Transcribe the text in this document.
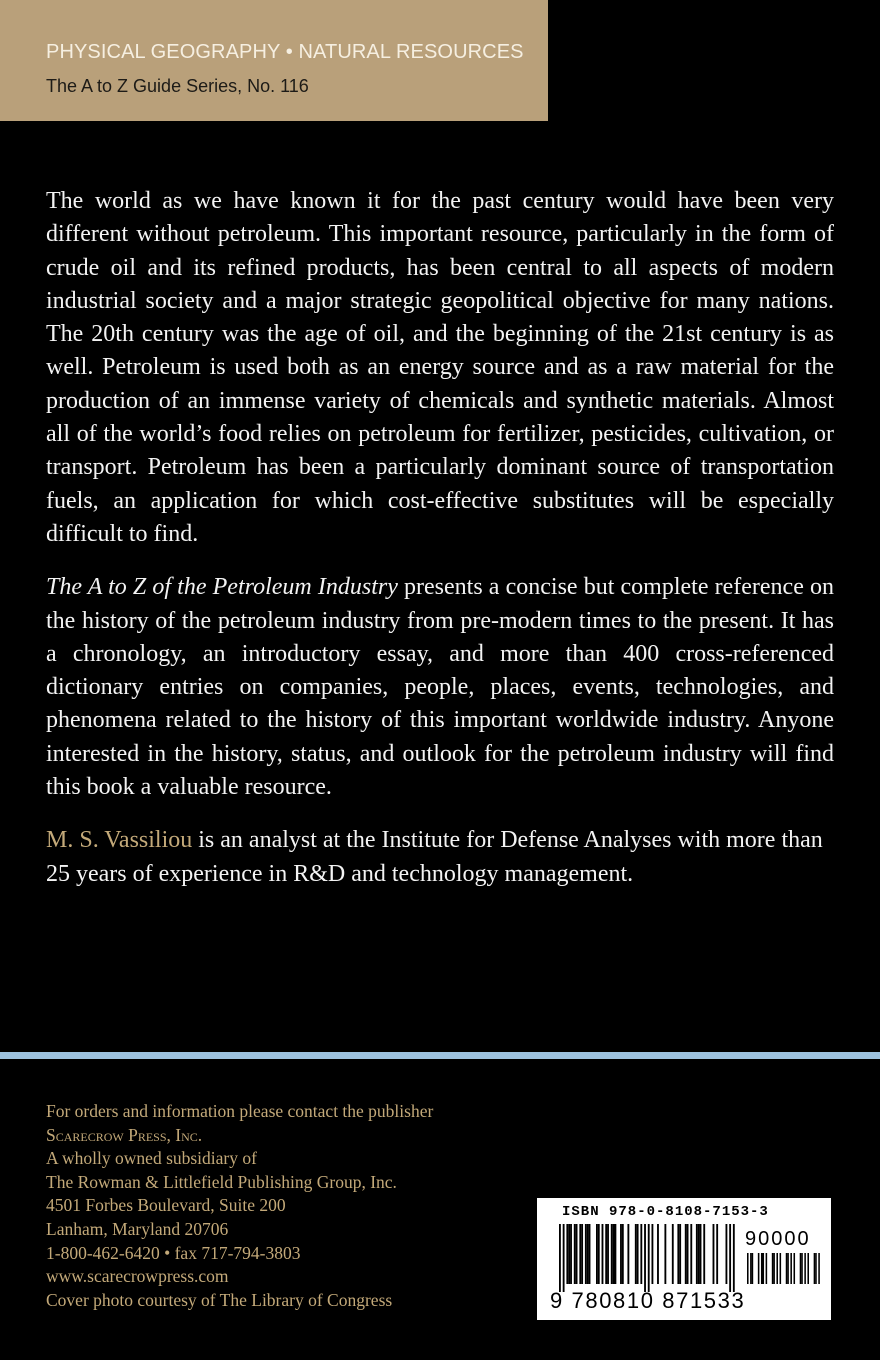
PHYSICAL GEOGRAPHY • NATURAL RESOURCES
The A to Z Guide Series, No. 116

The world as we have known it for the past century would have been very different without petroleum. This important resource, particularly in the form of crude oil and its refined products, has been central to all aspects of modern industrial society and a major strategic geopolitical objective for many nations. The 20th century was the age of oil, and the beginning of the 21st century is as well. Petroleum is used both as an energy source and as a raw material for the production of an immense variety of chemicals and synthetic materials. Almost all of the world’s food relies on petroleum for fertilizer, pesticides, cultivation, or transport. Petroleum has been a particularly dominant source of transportation fuels, an application for which cost-effective substitutes will be especially difficult to find.

The A to Z of the Petroleum Industry presents a concise but complete reference on the history of the petroleum industry from pre-modern times to the present. It has a chronology, an introductory essay, and more than 400 cross-referenced dictionary entries on companies, people, places, events, technologies, and phenomena related to the history of this important worldwide industry. Anyone interested in the history, status, and outlook for the petroleum industry will find this book a valuable resource.

M. S. Vassiliou is an analyst at the Institute for Defense Analyses with more than 25 years of experience in R&D and technology management.

For orders and information please contact the publisher
Scarecrow Press, Inc.
A wholly owned subsidiary of
The Rowman & Littlefield Publishing Group, Inc.
4501 Forbes Boulevard, Suite 200
Lanham, Maryland 20706
1-800-462-6420 • fax 717-794-3803
www.scarecrowpress.com
Cover photo courtesy of The Library of Congress
ISBN 978-0-8108-7153-3
90000
9 780810 871533
